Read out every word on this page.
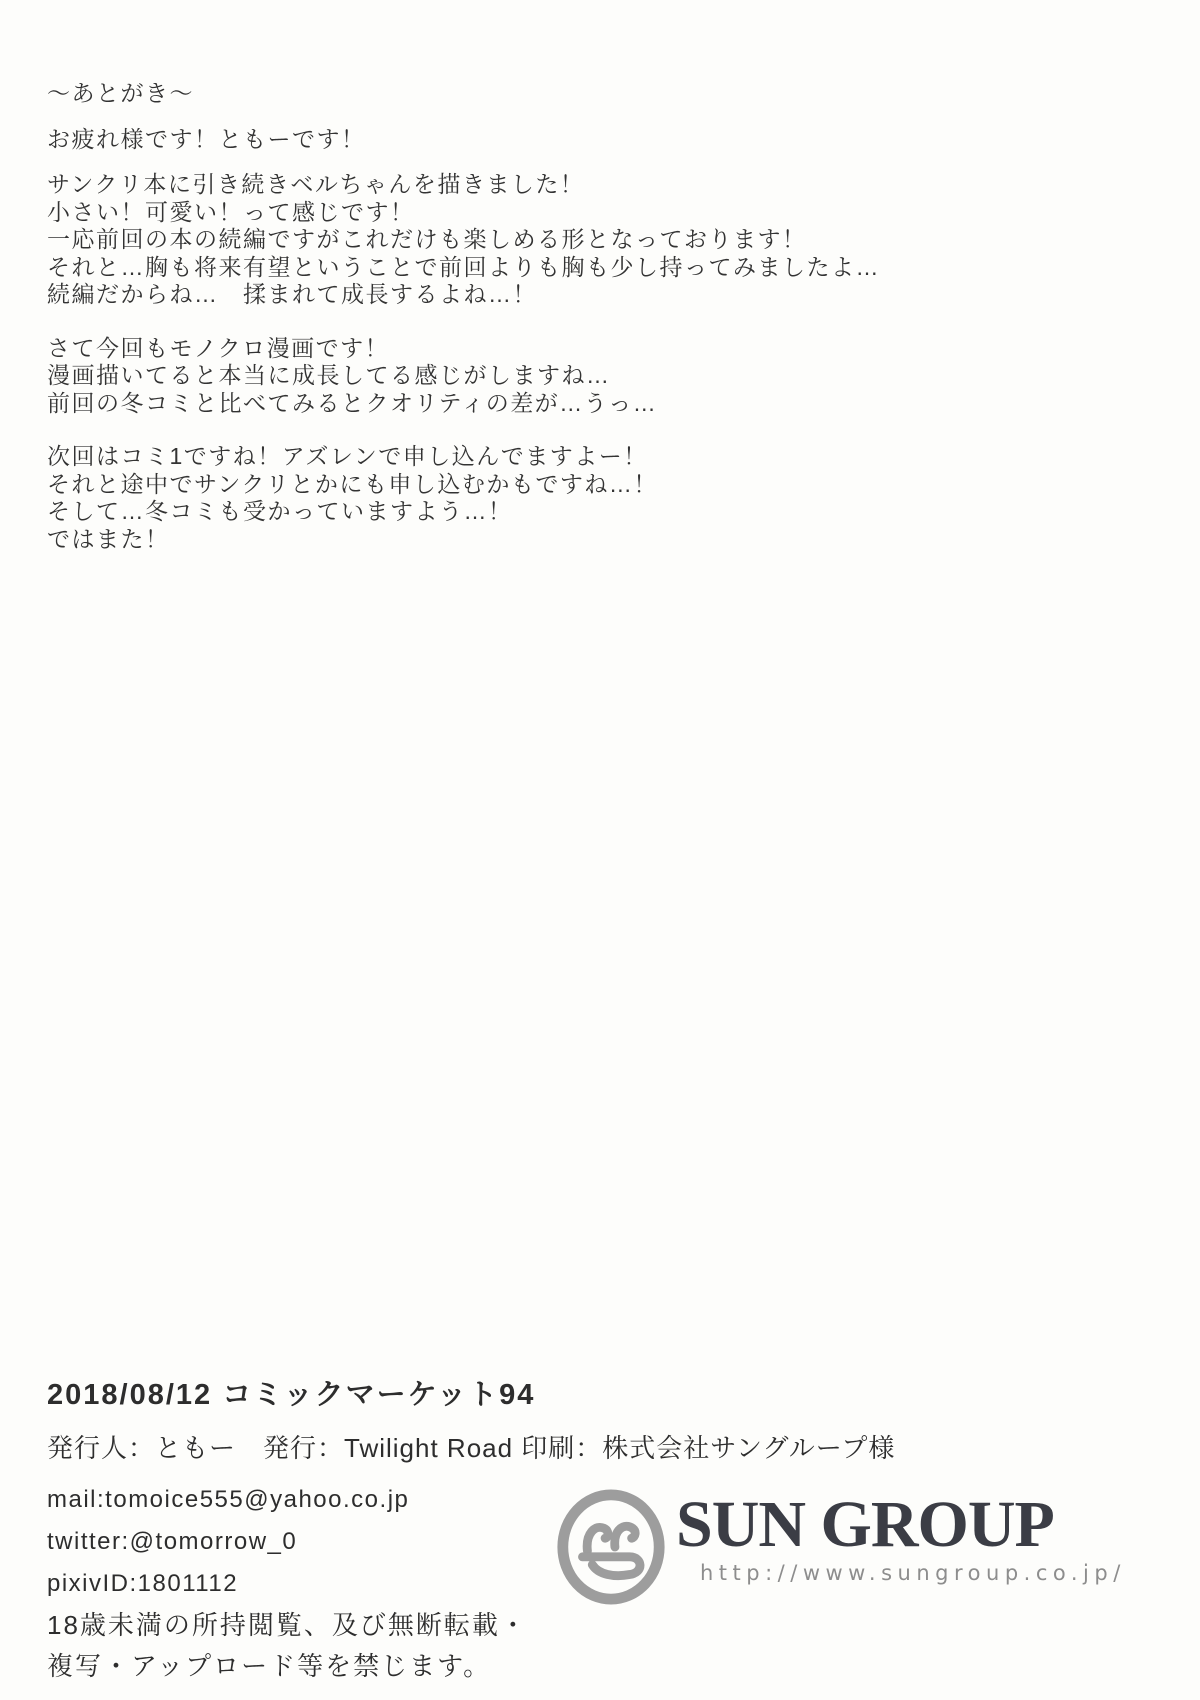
～あとがき～
お疲れ様です！ともーです！
サンクリ本に引き続きベルちゃんを描きました！
小さい！可愛い！って感じです！
一応前回の本の続編ですがこれだけも楽しめる形となっております！
それと…胸も将来有望ということで前回よりも胸も少し持ってみましたよ…
続編だからね…　揉まれて成長するよね…！
さて今回もモノクロ漫画です！
漫画描いてると本当に成長してる感じがしますね…
前回の冬コミと比べてみるとクオリティの差が…うっ…
次回はコミ1ですね！アズレンで申し込んでますよー！
それと途中でサンクリとかにも申し込むかもですね…！
そして…冬コミも受かっていますよう…！
ではまた！
2018/08/12 コミックマーケット94
発行人：ともー　発行：Twilight Road 印刷：株式会社サングループ様
mail:tomoice555@yahoo.co.jp
twitter:@tomorrow_0
pixivID:1801112
18歳未満の所持閲覧、及び無断転載・
複写・アップロード等を禁じます。
SUN GROUP
http://www.sungroup.co.jp/
